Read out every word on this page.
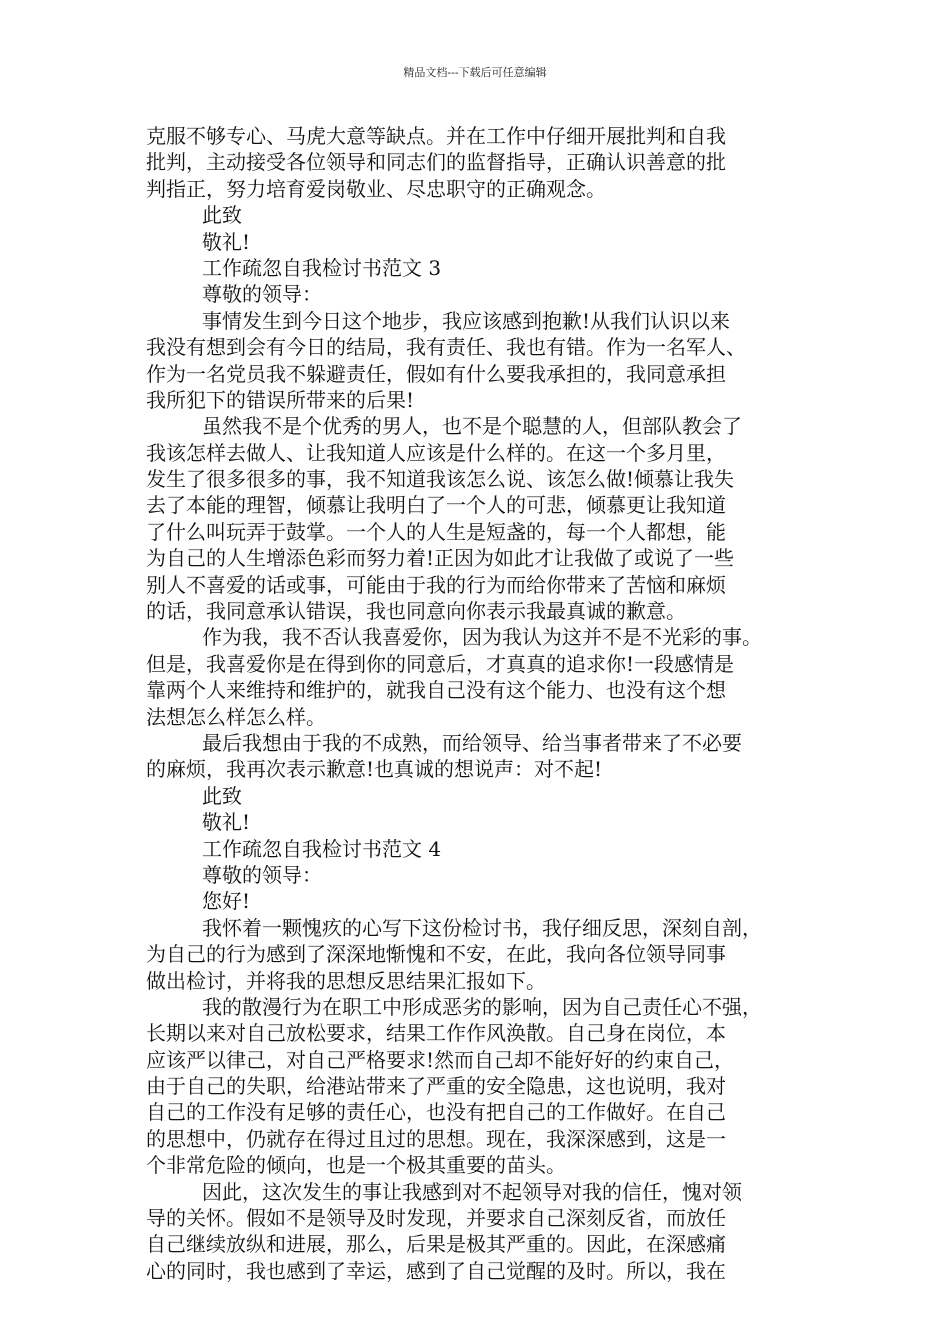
精品文档---下载后可任意编辑
克服不够专心、马虎大意等缺点。并在工作中仔细开展批判和自我
批判，主动接受各位领导和同志们的监督指导，正确认识善意的批
判指正，努力培育爱岗敬业、尽忠职守的正确观念。
此致
敬礼!
工作疏忽自我检讨书范文 3
尊敬的领导：
事情发生到今日这个地步，我应该感到抱歉!从我们认识以来
我没有想到会有今日的结局，我有责任、我也有错。作为一名军人、
作为一名党员我不躲避责任，假如有什么要我承担的，我同意承担
我所犯下的错误所带来的后果!
虽然我不是个优秀的男人，也不是个聪慧的人，但部队教会了
我该怎样去做人、让我知道人应该是什么样的。在这一个多月里，
发生了很多很多的事，我不知道我该怎么说、该怎么做!倾慕让我失
去了本能的理智，倾慕让我明白了一个人的可悲，倾慕更让我知道
了什么叫玩弄于鼓掌。一个人的人生是短盏的，每一个人都想，能
为自己的人生增添色彩而努力着!正因为如此才让我做了或说了一些
别人不喜爱的话或事，可能由于我的行为而给你带来了苦恼和麻烦
的话，我同意承认错误，我也同意向你表示我最真诚的歉意。
作为我，我不否认我喜爱你，因为我认为这并不是不光彩的事。
但是，我喜爱你是在得到你的同意后，才真真的追求你!一段感情是
靠两个人来维持和维护的，就我自己没有这个能力、也没有这个想
法想怎么样怎么样。
最后我想由于我的不成熟，而给领导、给当事者带来了不必要
的麻烦，我再次表示歉意!也真诚的想说声：对不起!
此致
敬礼!
工作疏忽自我检讨书范文 4
尊敬的领导：
您好!
我怀着一颗愧疚的心写下这份检讨书，我仔细反思，深刻自剖，
为自己的行为感到了深深地惭愧和不安，在此，我向各位领导同事
做出检讨，并将我的思想反思结果汇报如下。
我的散漫行为在职工中形成恶劣的影响，因为自己责任心不强，
长期以来对自己放松要求，结果工作作风涣散。自己身在岗位，本
应该严以律己，对自己严格要求!然而自己却不能好好的约束自己，
由于自己的失职，给港站带来了严重的安全隐患，这也说明，我对
自己的工作没有足够的责任心，也没有把自己的工作做好。在自己
的思想中，仍就存在得过且过的思想。现在，我深深感到，这是一
个非常危险的倾向，也是一个极其重要的苗头。
因此，这次发生的事让我感到对不起领导对我的信任，愧对领
导的关怀。假如不是领导及时发现，并要求自己深刻反省，而放任
自己继续放纵和进展，那么，后果是极其严重的。因此，在深感痛
心的同时，我也感到了幸运，感到了自己觉醒的及时。所以，我在
